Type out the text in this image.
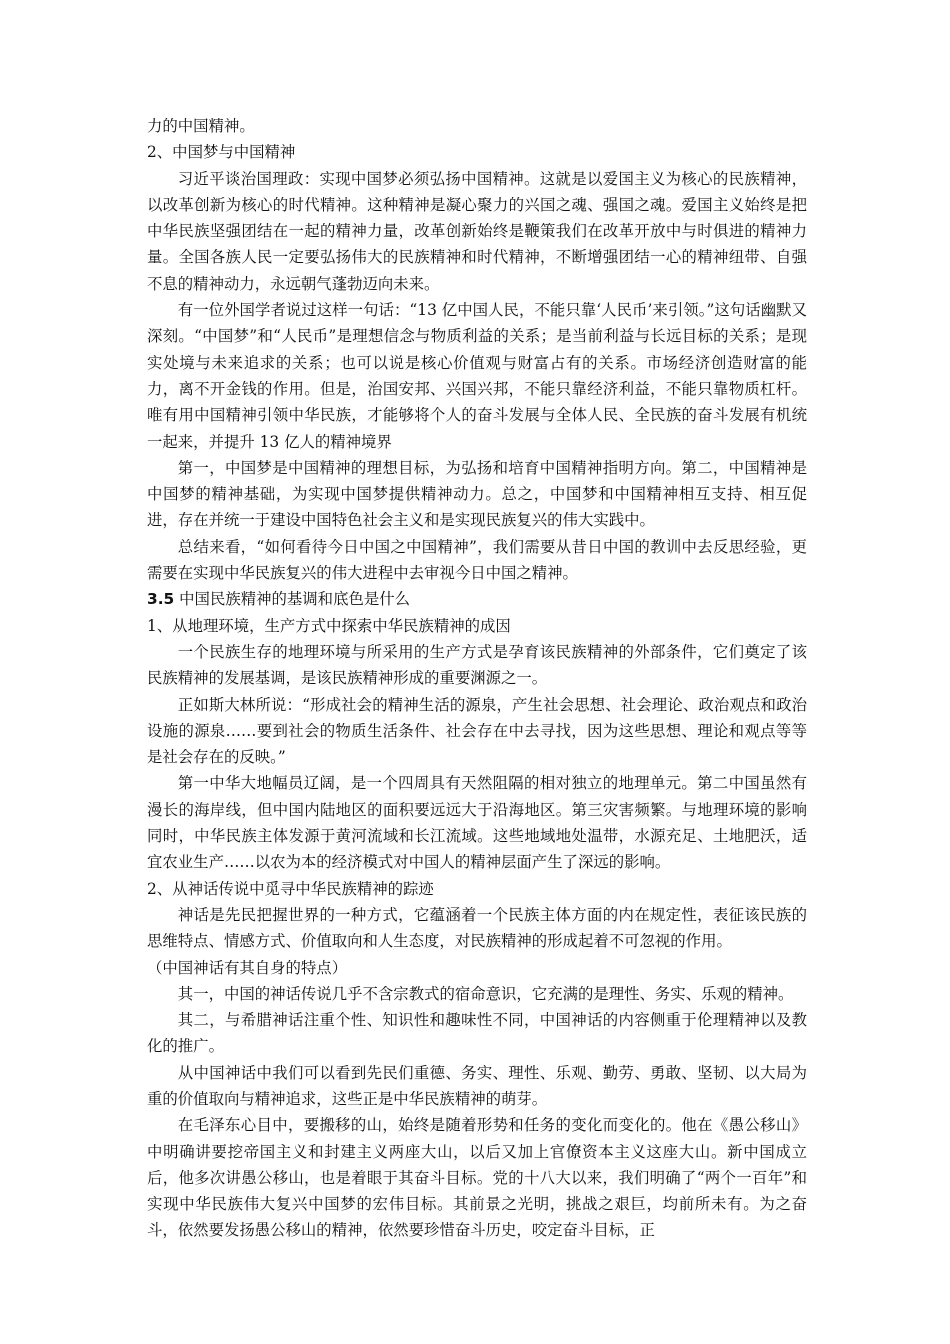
力的中国精神。

2、中国梦与中国精神

习近平谈治国理政：实现中国梦必须弘扬中国精神。这就是以爱国主义为核心的民族精神，以改革创新为核心的时代精神。这种精神是凝心聚力的兴国之魂、强国之魂。爱国主义始终是把中华民族坚强团结在一起的精神力量，改革创新始终是鞭策我们在改革开放中与时俱进的精神力量。全国各族人民一定要弘扬伟大的民族精神和时代精神，不断增强团结一心的精神纽带、自强不息的精神动力，永远朝气蓬勃迈向未来。

有一位外国学者说过这样一句话：“13 亿中国人民，不能只靠‘人民币’来引领。”这句话幽默又深刻。“中国梦”和“人民币”是理想信念与物质利益的关系；是当前利益与长远目标的关系；是现实处境与未来追求的关系；也可以说是核心价值观与财富占有的关系。市场经济创造财富的能力，离不开金钱的作用。但是，治国安邦、兴国兴邦，不能只靠经济利益，不能只靠物质杠杆。唯有用中国精神引领中华民族，才能够将个人的奋斗发展与全体人民、全民族的奋斗发展有机统一起来，并提升 13 亿人的精神境界

第一，中国梦是中国精神的理想目标，为弘扬和培育中国精神指明方向。第二，中国精神是中国梦的精神基础，为实现中国梦提供精神动力。总之，中国梦和中国精神相互支持、相互促进，存在并统一于建设中国特色社会主义和是实现民族复兴的伟大实践中。

总结来看，“如何看待今日中国之中国精神”，我们需要从昔日中国的教训中去反思经验，更需要在实现中华民族复兴的伟大进程中去审视今日中国之精神。

3.5 中国民族精神的基调和底色是什么

1、从地理环境，生产方式中探索中华民族精神的成因

一个民族生存的地理环境与所采用的生产方式是孕育该民族精神的外部条件，它们奠定了该民族精神的发展基调，是该民族精神形成的重要渊源之一。

正如斯大林所说：“形成社会的精神生活的源泉，产生社会思想、社会理论、政治观点和政治设施的源泉……要到社会的物质生活条件、社会存在中去寻找，因为这些思想、理论和观点等等是社会存在的反映。”

第一中华大地幅员辽阔，是一个四周具有天然阻隔的相对独立的地理单元。第二中国虽然有漫长的海岸线，但中国内陆地区的面积要远远大于沿海地区。第三灾害频繁。与地理环境的影响同时，中华民族主体发源于黄河流域和长江流域。这些地域地处温带，水源充足、土地肥沃，适宜农业生产……以农为本的经济模式对中国人的精神层面产生了深远的影响。

2、从神话传说中觅寻中华民族精神的踪迹

神话是先民把握世界的一种方式，它蕴涵着一个民族主体方面的内在规定性，表征该民族的思维特点、情感方式、价值取向和人生态度，对民族精神的形成起着不可忽视的作用。

（中国神话有其自身的特点）

其一，中国的神话传说几乎不含宗教式的宿命意识，它充满的是理性、务实、乐观的精神。

其二，与希腊神话注重个性、知识性和趣味性不同，中国神话的内容侧重于伦理精神以及教化的推广。

从中国神话中我们可以看到先民们重德、务实、理性、乐观、勤劳、勇敢、坚韧、以大局为重的价值取向与精神追求，这些正是中华民族精神的萌芽。

在毛泽东心目中，要搬移的山，始终是随着形势和任务的变化而变化的。他在《愚公移山》中明确讲要挖帝国主义和封建主义两座大山，以后又加上官僚资本主义这座大山。新中国成立后，他多次讲愚公移山，也是着眼于其奋斗目标。党的十八大以来，我们明确了“两个一百年”和实现中华民族伟大复兴中国梦的宏伟目标。其前景之光明，挑战之艰巨，均前所未有。为之奋斗，依然要发扬愚公移山的精神，依然要珍惜奋斗历史，咬定奋斗目标，正
